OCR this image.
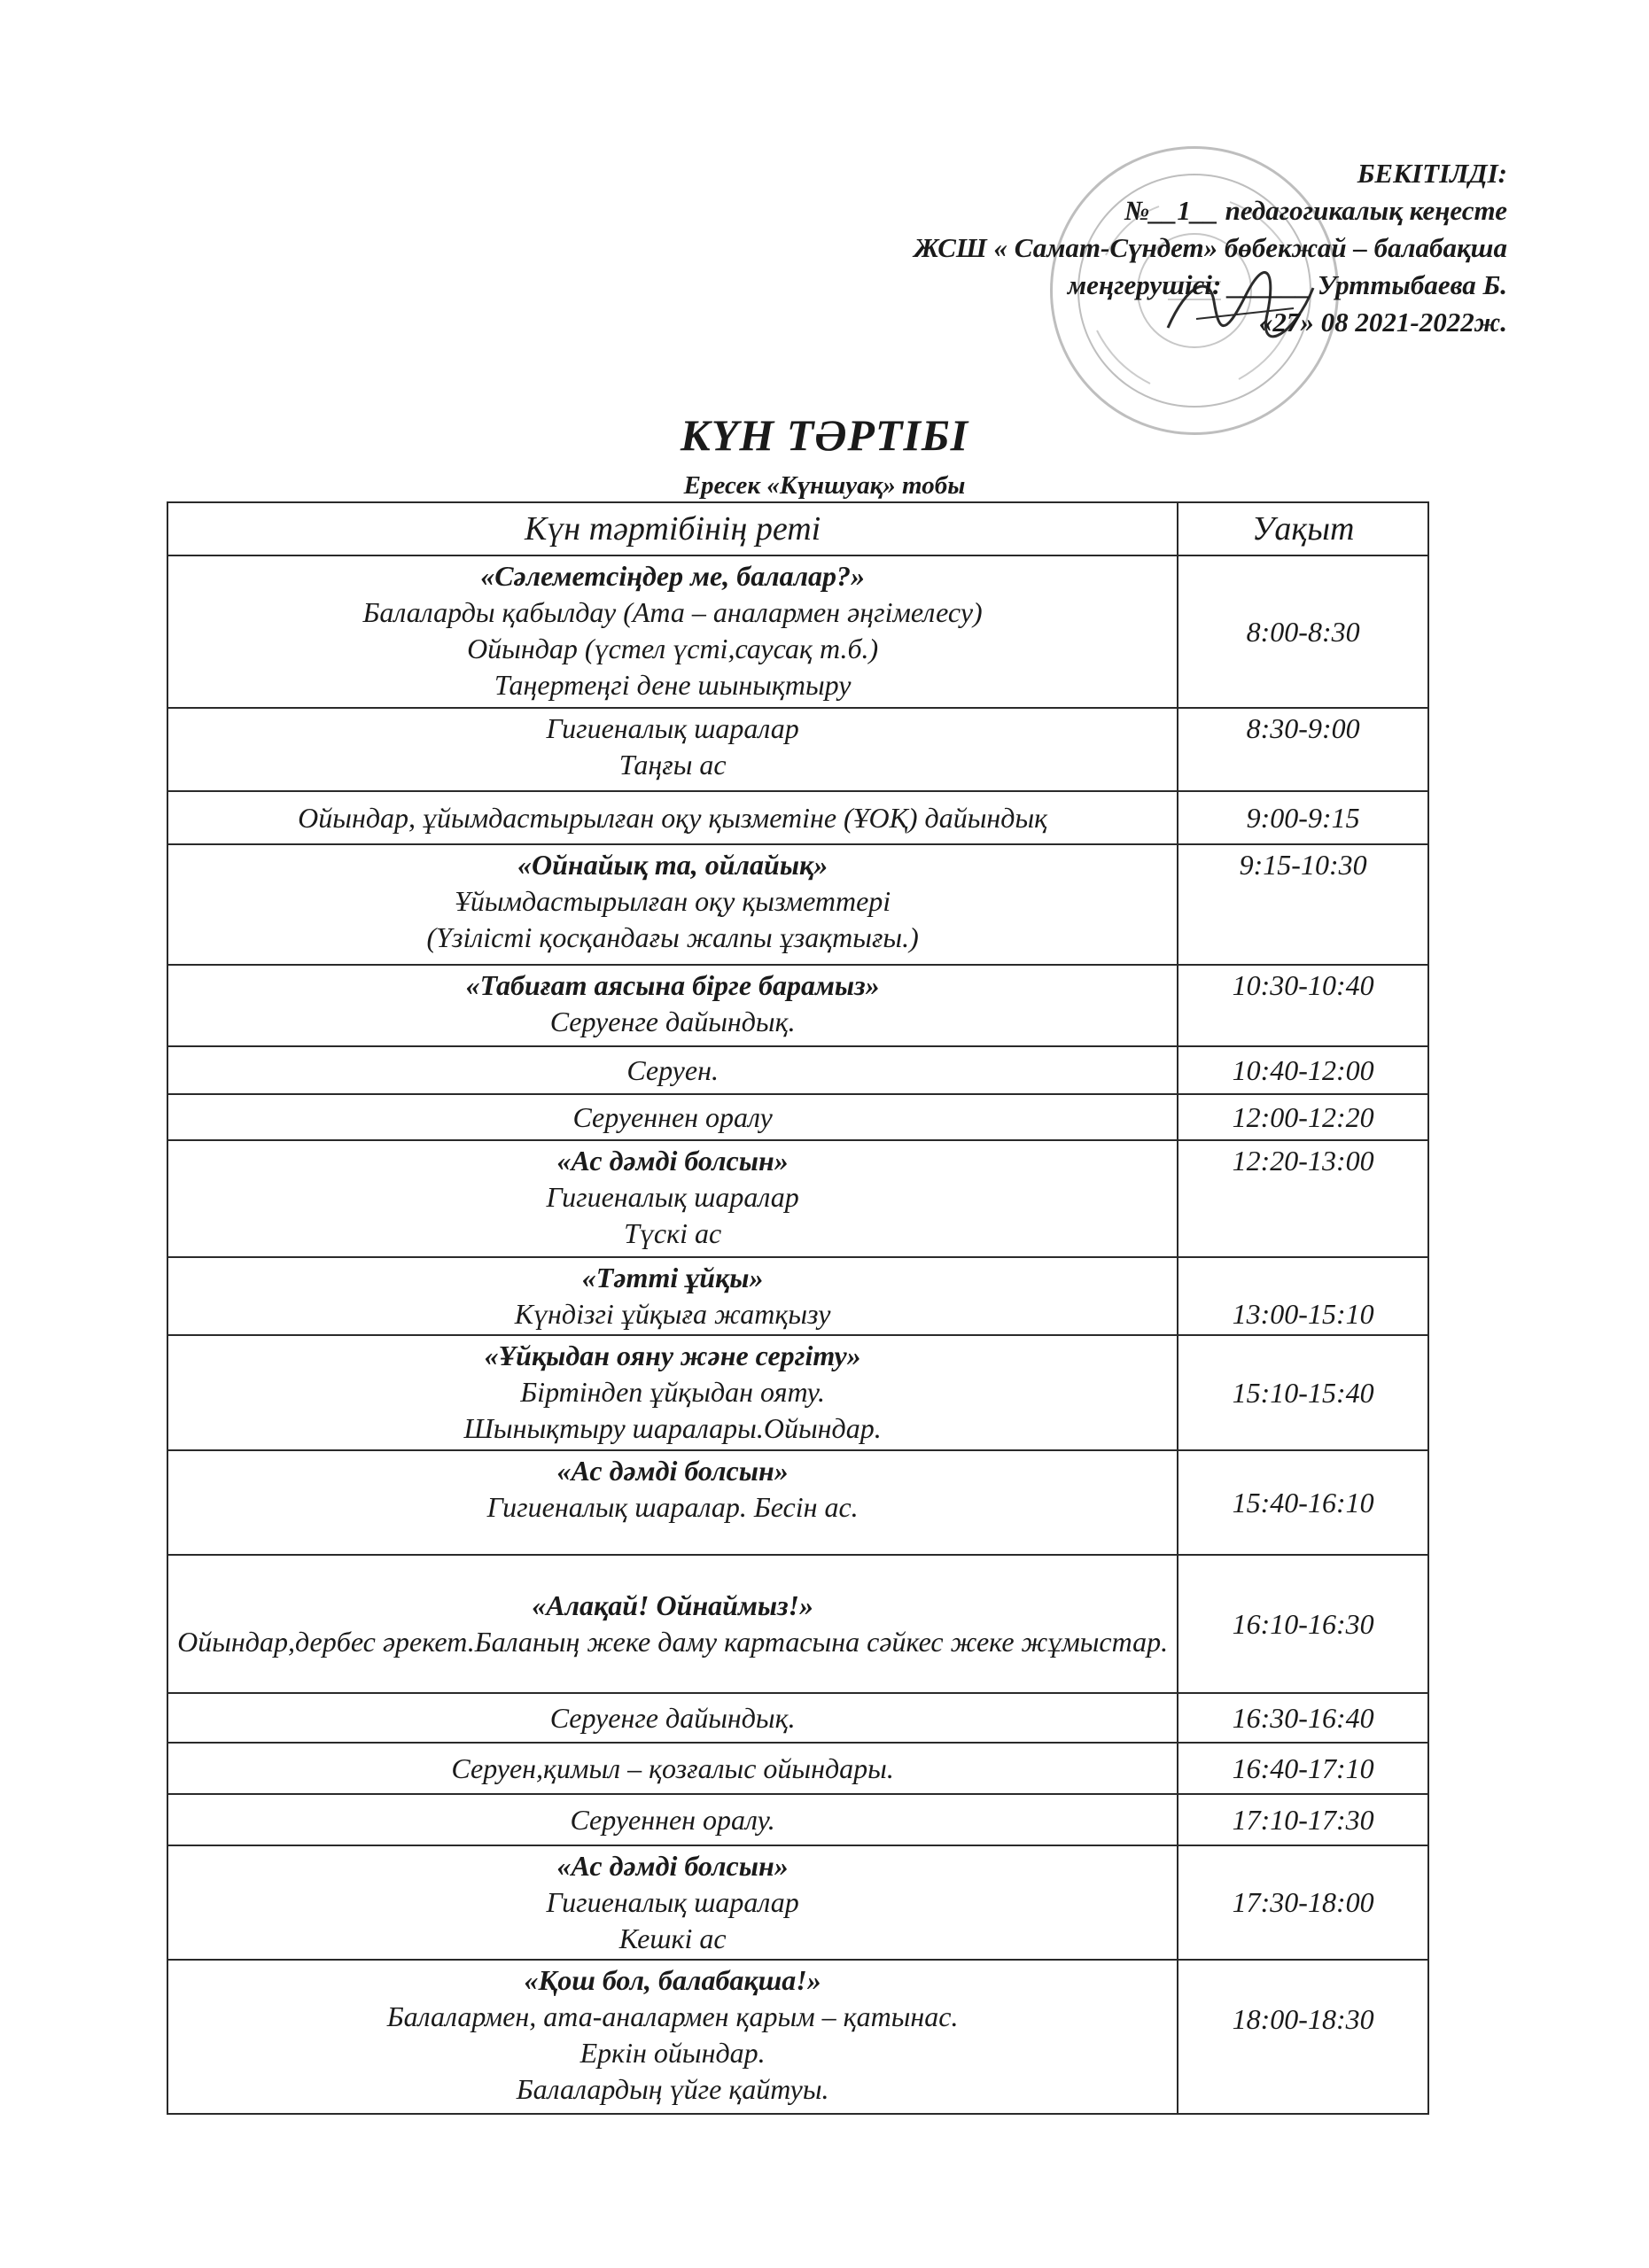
БЕКІТІЛДІ:
№__1__ педагогикалық кеңесте
ЖСШ « Самат-Сүндет» бөбекжай – балабақша
меңгерушісі: ______ Урттыбаева Б.
«27» 08 2021-2022ж.
КҮН ТӘРТІБІ
Ересек «Күншуақ» тобы
Күн тәртібінің реті	Уақыт

«Сәлеметсіңдер ме, балалар?»
Балаларды қабылдау (Ата – аналармен әңгімелесу)
Ойындар (үстел үсті,саусақ т.б.)
Таңертеңгі дене шынықтыру	8:00-8:30

Гигиеналық шаралар
Таңғы ас	8:30-9:00

Ойындар, ұйымдастырылған оқу қызметіне (ҰОҚ) дайындық	9:00-9:15

«Ойнайық та, ойлайық»
Ұйымдастырылған оқу қызметтері
(Үзілісті қосқандағы жалпы ұзақтығы.)	9:15-10:30

«Табиғат аясына бірге барамыз»
Серуенге дайындық.	10:30-10:40

Серуен.	10:40-12:00

Серуеннен оралу	12:00-12:20

«Ас дәмді болсын»
Гигиеналық шаралар
Түскі ас	12:20-13:00

«Тәтті ұйқы»
Күндізгі ұйқыға жатқызу	13:00-15:10

«Ұйқыдан ояну және сергіту»
Біртіндеп ұйқыдан ояту.
Шынықтыру шаралары.Ойындар.	15:10-15:40

«Ас дәмді болсын»
Гигиеналық шаралар. Бесін ас.	15:40-16:10

«Алақай! Ойнаймыз!»
Ойындар,дербес әрекет.Баланың жеке даму картасына сәйкес жеке жұмыстар.	16:10-16:30

Серуенге дайындық.	16:30-16:40

Серуен,қимыл – қозғалыс ойындары.	16:40-17:10

Серуеннен оралу.	17:10-17:30

«Ас дәмді болсын»
Гигиеналық шаралар
Кешкі ас	17:30-18:00

«Қош бол, балабақша!»
Балалармен, ата-аналармен қарым – қатынас.
Еркін ойындар.
Балалардың үйге қайтуы.	18:00-18:30
